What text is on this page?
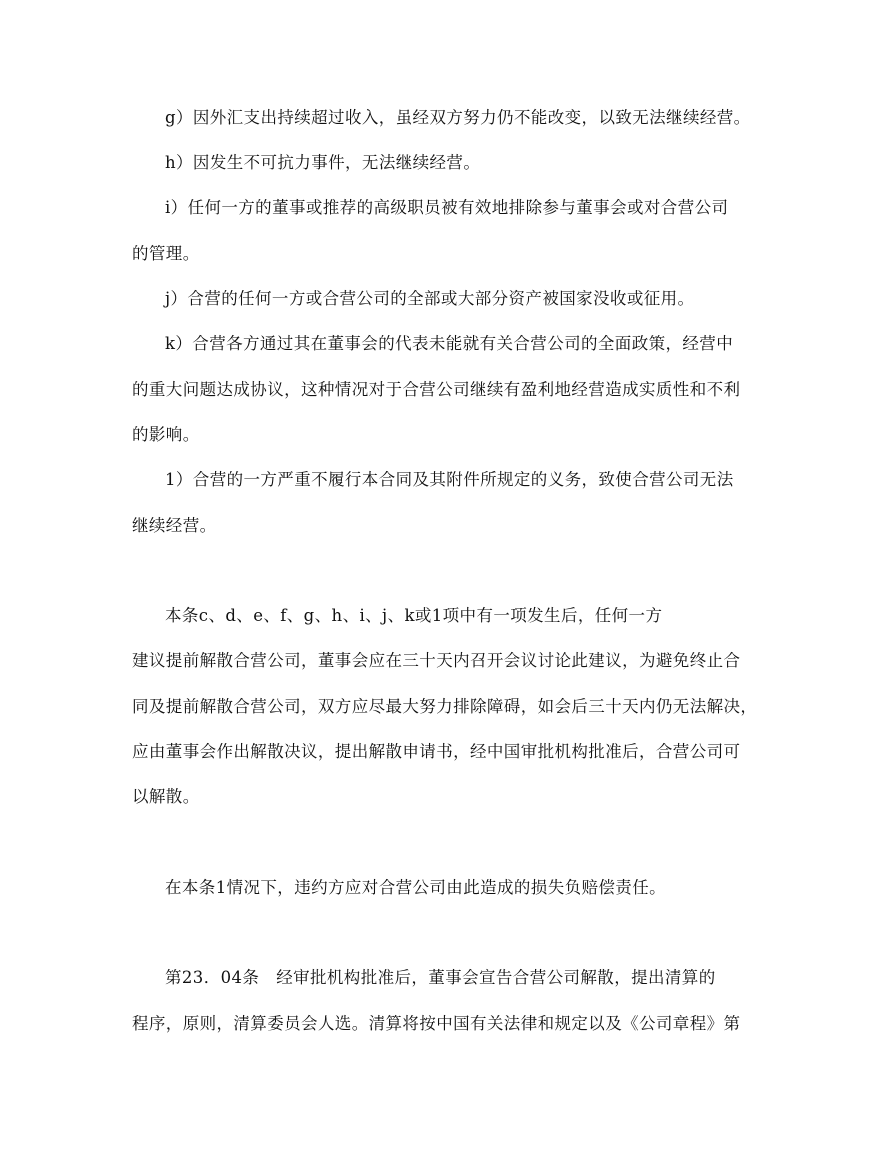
g）因外汇支出持续超过收入，虽经双方努力仍不能改变，以致无法继续经营。
h）因发生不可抗力事件，无法继续经营。
i）任何一方的董事或推荐的高级职员被有效地排除参与董事会或对合营公司
的管理。
j）合营的任何一方或合营公司的全部或大部分资产被国家没收或征用。
k）合营各方通过其在董事会的代表未能就有关合营公司的全面政策，经营中
的重大问题达成协议，这种情况对于合营公司继续有盈利地经营造成实质性和不利
的影响。
1）合营的一方严重不履行本合同及其附件所规定的义务，致使合营公司无法
继续经营。
本条c、d、e、f、g、h、i、j、k或1项中有一项发生后，任何一方
建议提前解散合营公司，董事会应在三十天内召开会议讨论此建议，为避免终止合
同及提前解散合营公司，双方应尽最大努力排除障碍，如会后三十天内仍无法解决，
应由董事会作出解散决议，提出解散申请书，经中国审批机构批准后，合营公司可
以解散。
在本条1情况下，违约方应对合营公司由此造成的损失负赔偿责任。
第23．04条　经审批机构批准后，董事会宣告合营公司解散，提出清算的
程序，原则，清算委员会人选。清算将按中国有关法律和规定以及《公司章程》第
